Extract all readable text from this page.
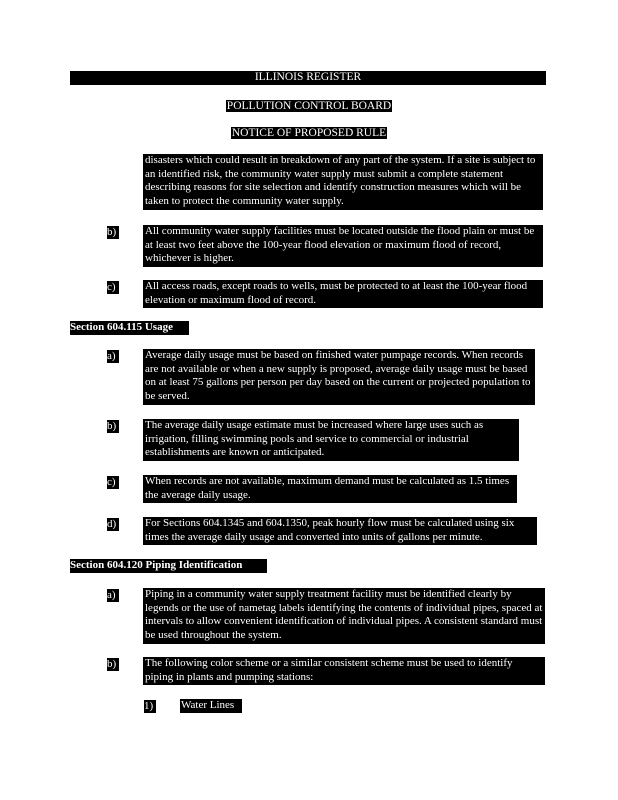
ILLINOIS REGISTER
POLLUTION CONTROL BOARD
NOTICE OF PROPOSED RULE
disasters which could result in breakdown of any part of the system. If a site is subject to an identified risk, the community water supply must submit a complete statement describing reasons for site selection and identify construction measures which will be taken to protect the community water supply.
b)	All community water supply facilities must be located outside the flood plain or must be at least two feet above the 100-year flood elevation or maximum flood of record, whichever is higher.
c)	All access roads, except roads to wells, must be protected to at least the 100-year flood elevation or maximum flood of record.
Section 604.115 Usage
a)	Average daily usage must be based on finished water pumpage records. When records are not available or when a new supply is proposed, average daily usage must be based on at least 75 gallons per person per day based on the current or projected population to be served.
b)	The average daily usage estimate must be increased where large uses such as irrigation, filling swimming pools and service to commercial or industrial establishments are known or anticipated.
c)	When records are not available, maximum demand must be calculated as 1.5 times the average daily usage.
d)	For Sections 604.1345 and 604.1350, peak hourly flow must be calculated using six times the average daily usage and converted into units of gallons per minute.
Section 604.120 Piping Identification
a)	Piping in a community water supply treatment facility must be identified clearly by legends or the use of nametag labels identifying the contents of individual pipes, spaced at intervals to allow convenient identification of individual pipes. A consistent standard must be used throughout the system.
b)	The following color scheme or a similar consistent scheme must be used to identify piping in plants and pumping stations:
1)	Water Lines
